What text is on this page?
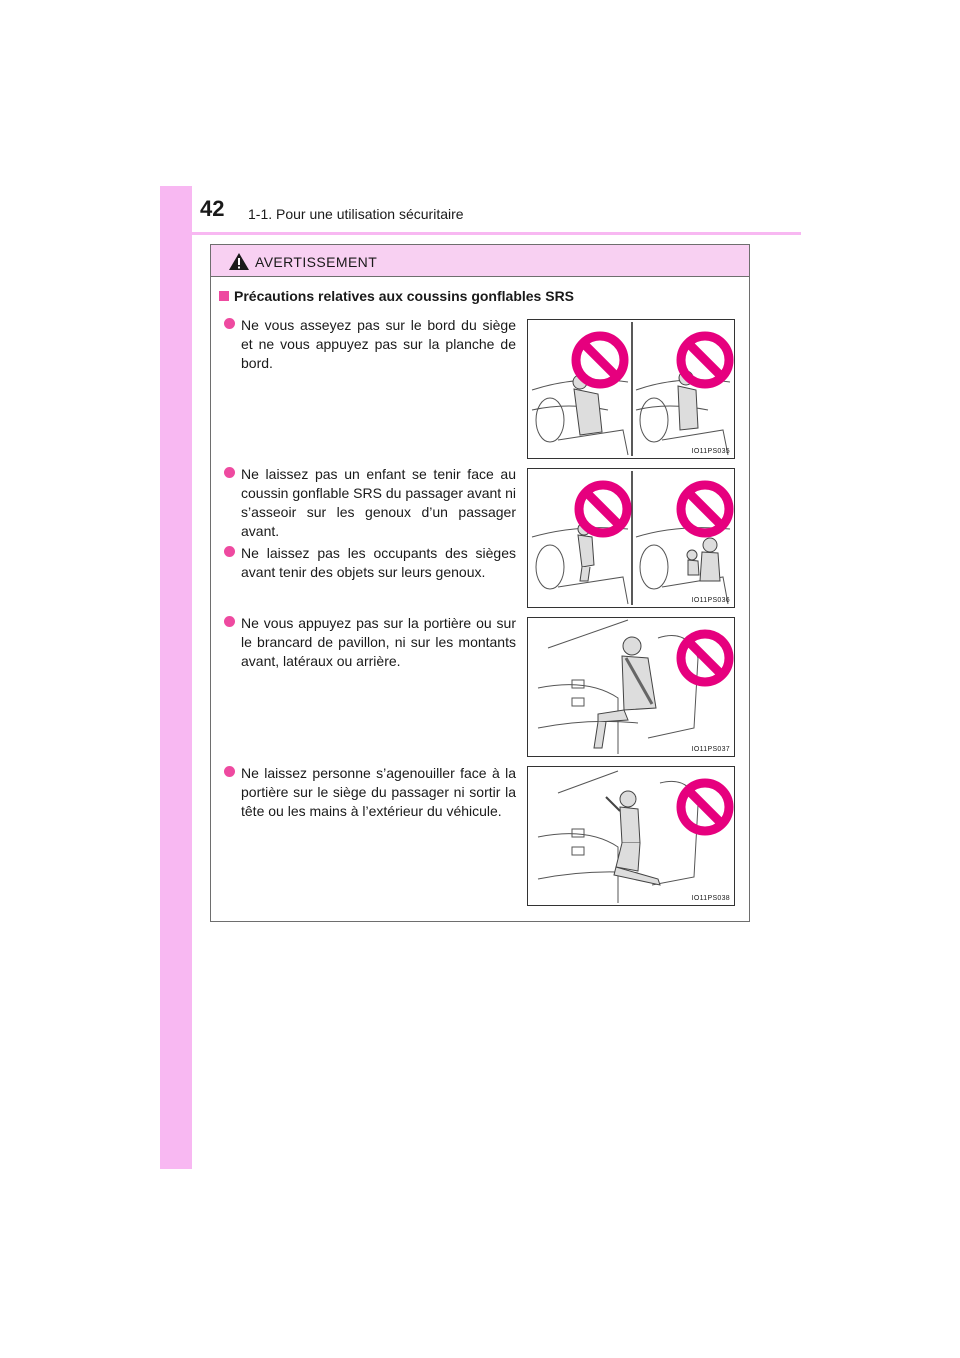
42 1-1. Pour une utilisation sécuritaire
AVERTISSEMENT
Précautions relatives aux coussins gonflables SRS
Ne vous asseyez pas sur le bord du siège et ne vous appuyez pas sur la planche de bord.
Ne laissez pas un enfant se tenir face au coussin gonflable SRS du passager avant ni s’asseoir sur les genoux d’un passager avant.
Ne laissez pas les occupants des sièges avant tenir des objets sur leurs genoux.
Ne vous appuyez pas sur la portière ou sur le brancard de pavillon, ni sur les montants avant, latéraux ou arrière.
Ne laissez personne s’agenouiller face à la portière sur le siège du passager ni sortir la tête ou les mains à l’extérieur du véhicule.
IO11PS035
IO11PS036
IO11PS037
IO11PS038
